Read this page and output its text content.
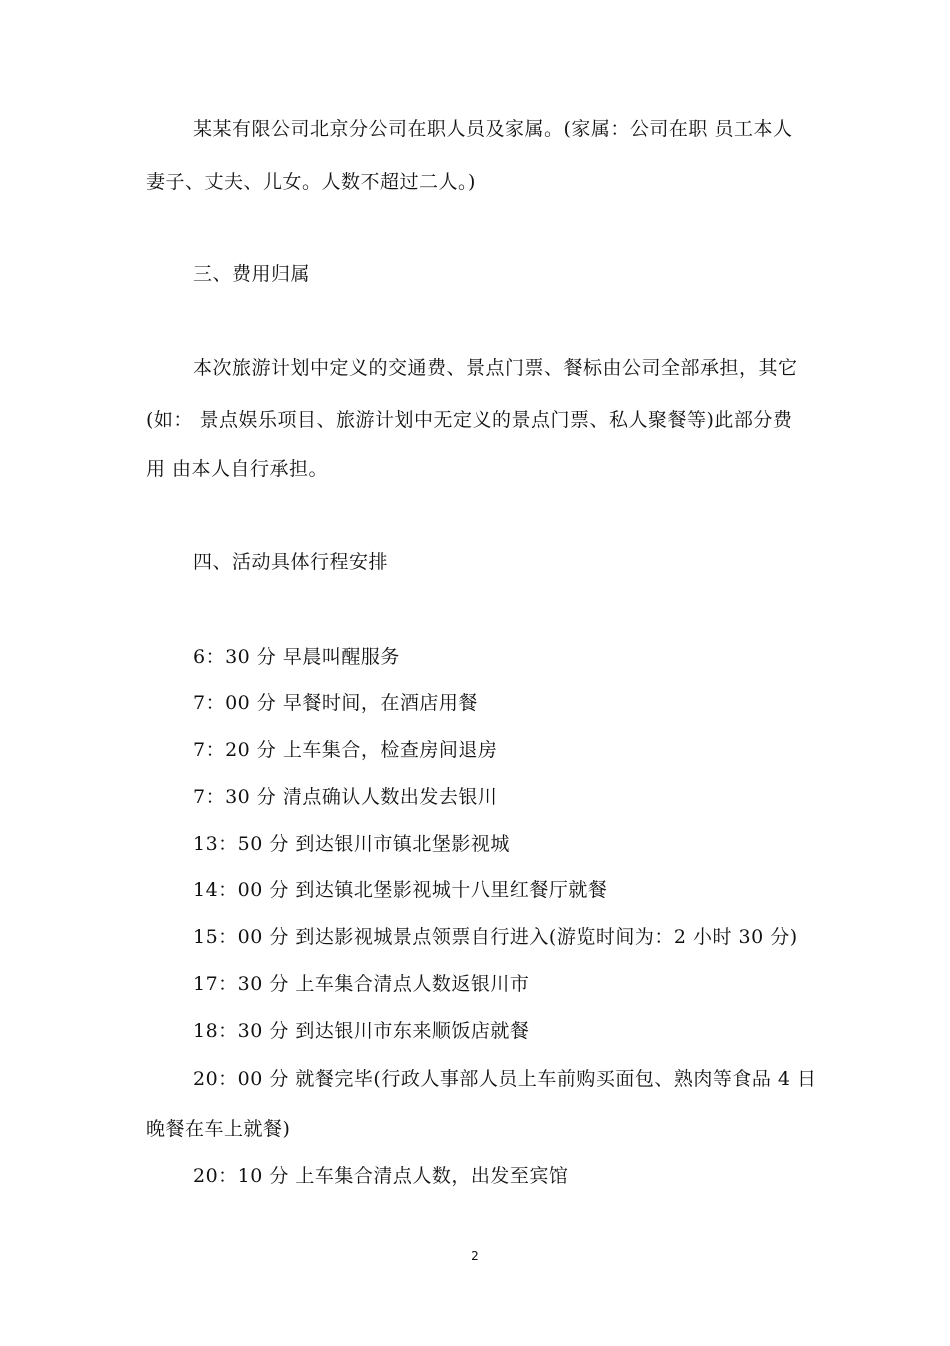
某某有限公司北京分公司在职人员及家属。(家属：公司在职 员工本人
妻子、丈夫、儿女。人数不超过二人。)
三、费用归属
本次旅游计划中定义的交通费、景点门票、餐标由公司全部承担，其它
(如： 景点娱乐项目、旅游计划中无定义的景点门票、私人聚餐等)此部分费
用 由本人自行承担。
四、活动具体行程安排
6：30 分 早晨叫醒服务
7：00 分 早餐时间，在酒店用餐
7：20 分 上车集合，检查房间退房
7：30 分 清点确认人数出发去银川
13：50 分 到达银川市镇北堡影视城
14：00 分 到达镇北堡影视城十八里红餐厅就餐
15：00 分 到达影视城景点领票自行进入(游览时间为：2 小时 30 分)
17：30 分 上车集合清点人数返银川市
18：30 分 到达银川市东来顺饭店就餐
20：00 分 就餐完毕(行政人事部人员上车前购买面包、熟肉等食品 4 日
晚餐在车上就餐)
20：10 分 上车集合清点人数，出发至宾馆
2
